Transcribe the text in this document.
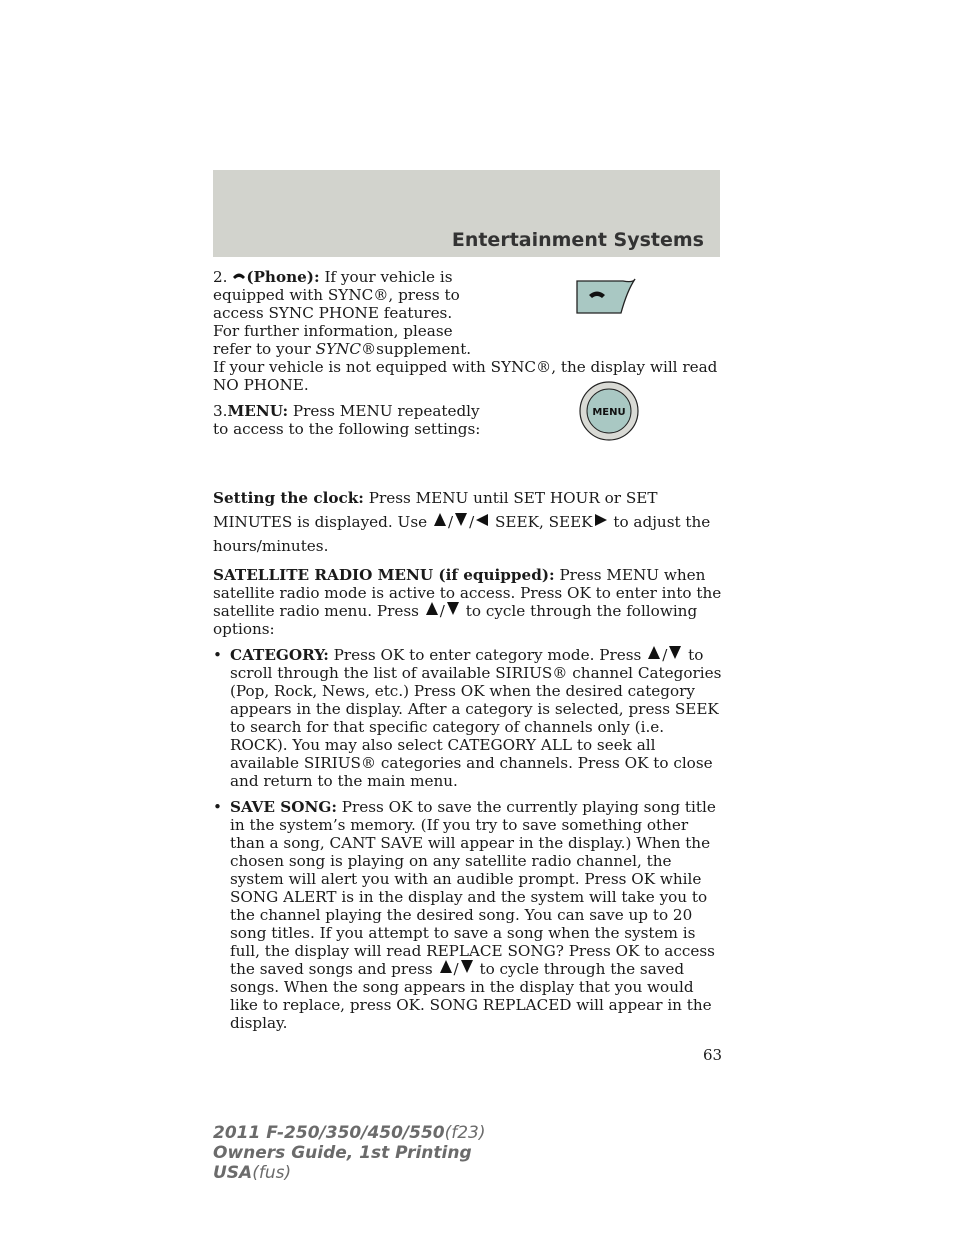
Entertainment Systems
MENU

2. (Phone): If your vehicle is equipped with SYNC®, press to access SYNC PHONE features. For further information, please refer to your SYNC®supplement.

If your vehicle is not equipped with SYNC®, the display will read NO PHONE.

3.MENU: Press MENU repeatedly to access to the following settings:

Setting the clock: Press MENU until SET HOUR or SET MINUTES is displayed. Use / / SEEK, SEEK to adjust the hours/minutes.

SATELLITE RADIO MENU (if equipped): Press MENU when satellite radio mode is active to access. Press OK to enter into the satellite radio menu. Press / to cycle through the following options:

• CATEGORY: Press OK to enter category mode. Press / to scroll through the list of available SIRIUS® channel Categories (Pop, Rock, News, etc.) Press OK when the desired category appears in the display. After a category is selected, press SEEK to search for that specific category of channels only (i.e. ROCK). You may also select CATEGORY ALL to seek all available SIRIUS® categories and channels. Press OK to close and return to the main menu.
• SAVE SONG: Press OK to save the currently playing song title in the system’s memory. (If you try to save something other than a song, CANT SAVE will appear in the display.) When the chosen song is playing on any satellite radio channel, the system will alert you with an audible prompt. Press OK while SONG ALERT is in the display and the system will take you to the channel playing the desired song. You can save up to 20 song titles. If you attempt to save a song when the system is full, the display will read REPLACE SONG? Press OK to access the saved songs and press / to cycle through the saved songs. When the song appears in the display that you would like to replace, press OK. SONG REPLACED will appear in the display.
63
2011 F-250/350/450/550(f23)
Owners Guide, 1st Printing
USA(fus)
